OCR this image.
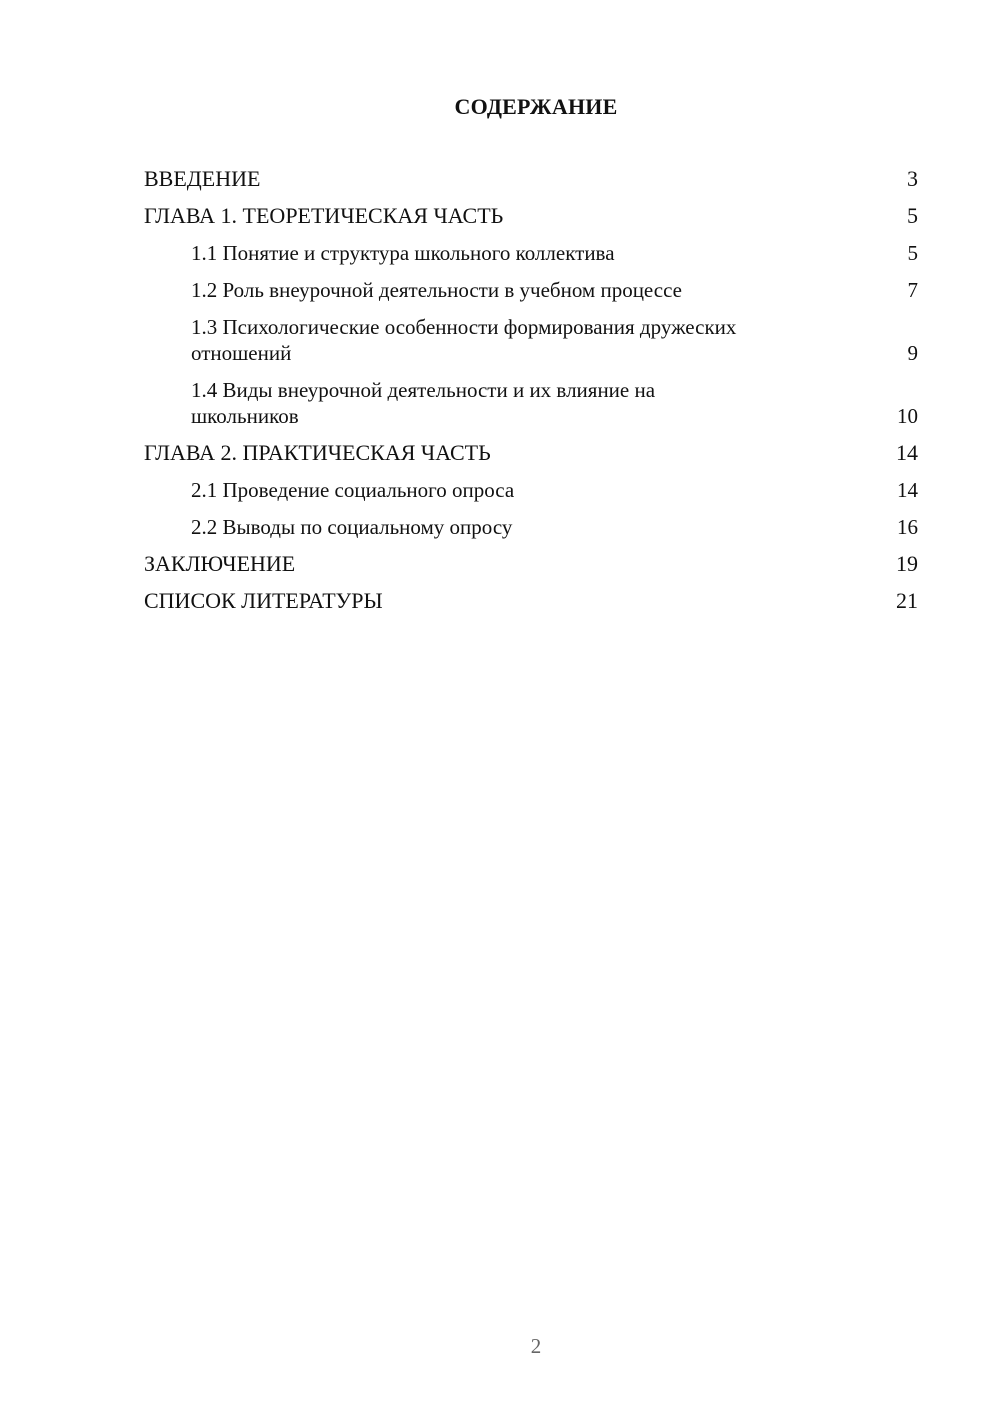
СОДЕРЖАНИЕ
ВВЕДЕНИЕ	3
ГЛАВА 1. ТЕОРЕТИЧЕСКАЯ ЧАСТЬ	5
1.1 Понятие и структура школьного коллектива	5
1.2 Роль внеурочной деятельности в учебном процессе	7
1.3 Психологические особенности формирования дружеских отношений	9
1.4 Виды внеурочной деятельности и их влияние на школьников	10
ГЛАВА 2. ПРАКТИЧЕСКАЯ ЧАСТЬ	14
2.1 Проведение социального опроса	14
2.2 Выводы по социальному опросу	16
ЗАКЛЮЧЕНИЕ	19
СПИСОК ЛИТЕРАТУРЫ	21
2
